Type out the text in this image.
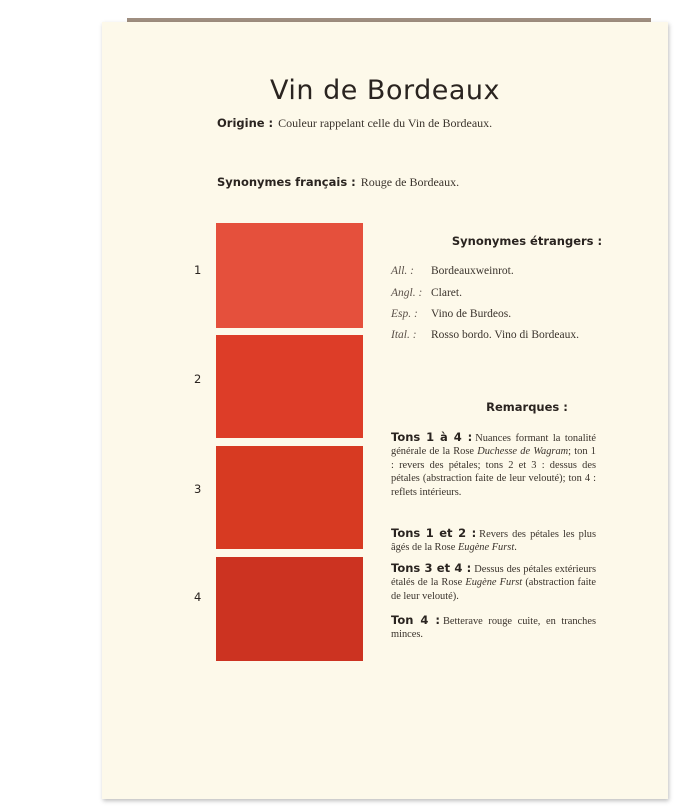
Vin de Bordeaux
Origine : Couleur rappelant celle du Vin de Bordeaux.
Synonymes français : Rouge de Bordeaux.
1
2
3
4
Synonymes étrangers :
All. : Bordeauxweinrot.
Angl. : Claret.
Esp. : Vino de Burdeos.
Ital. : Rosso bordo. Vino di Bordeaux.
Remarques :
Tons 1 à 4 : Nuances formant la tonalité générale de la Rose Duchesse de Wagram; ton 1 : revers des pétales; tons 2 et 3 : dessus des pétales (abstraction faite de leur velouté); ton 4 : reflets intérieurs.
Tons 1 et 2 : Revers des pétales les plus âgés de la Rose Eugène Furst.
Tons 3 et 4 : Dessus des pétales extérieurs étalés de la Rose Eugène Furst (abstraction faite de leur velouté).
Ton 4 : Betterave rouge cuite, en tranches minces.
